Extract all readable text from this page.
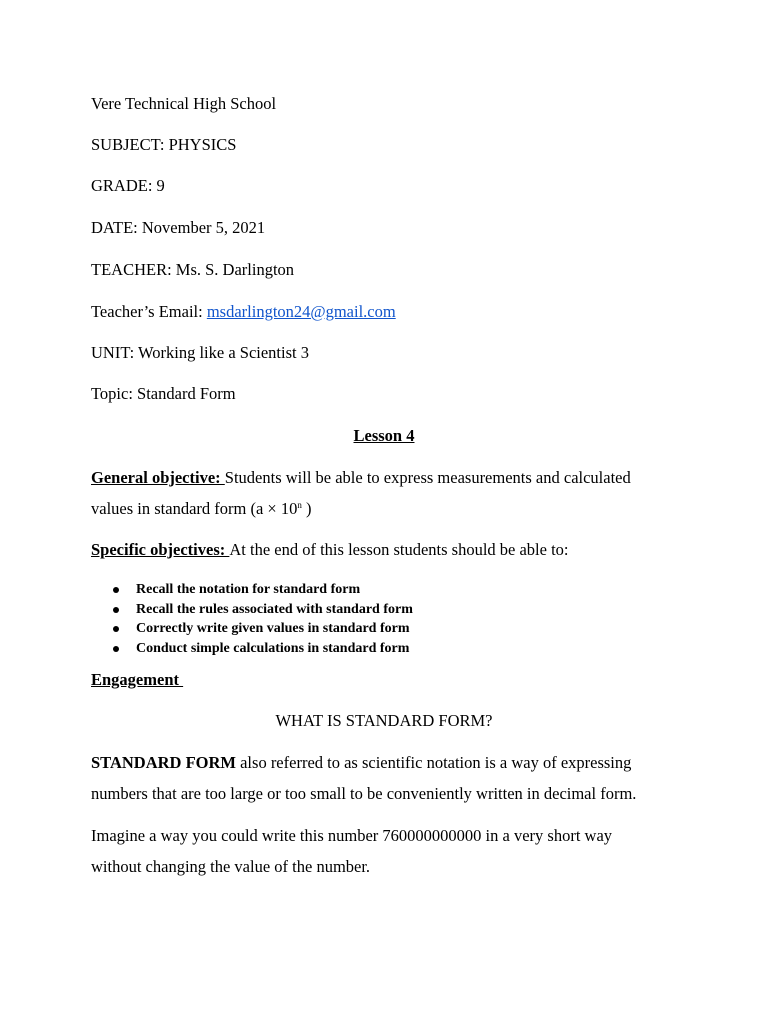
Vere Technical High School
SUBJECT: PHYSICS
GRADE: 9
DATE: November 5, 2021
TEACHER: Ms. S. Darlington
Teacher’s Email: msdarlington24@gmail.com
UNIT: Working like a Scientist 3
Topic: Standard Form
Lesson 4
General objective: Students will be able to express measurements and calculated
values in standard form ($a \times 10^n$ )
Specific objectives: At the end of this lesson students should be able to:
Recall the notation for standard form
Recall the rules associated with standard form
Correctly write given values in standard form
Conduct simple calculations in standard form
Engagement
WHAT IS STANDARD FORM?
STANDARD FORM also referred to as scientific notation is a way of expressing
numbers that are too large or too small to be conveniently written in decimal form.
Imagine a way you could write this number 760000000000 in a very short way
without changing the value of the number.
